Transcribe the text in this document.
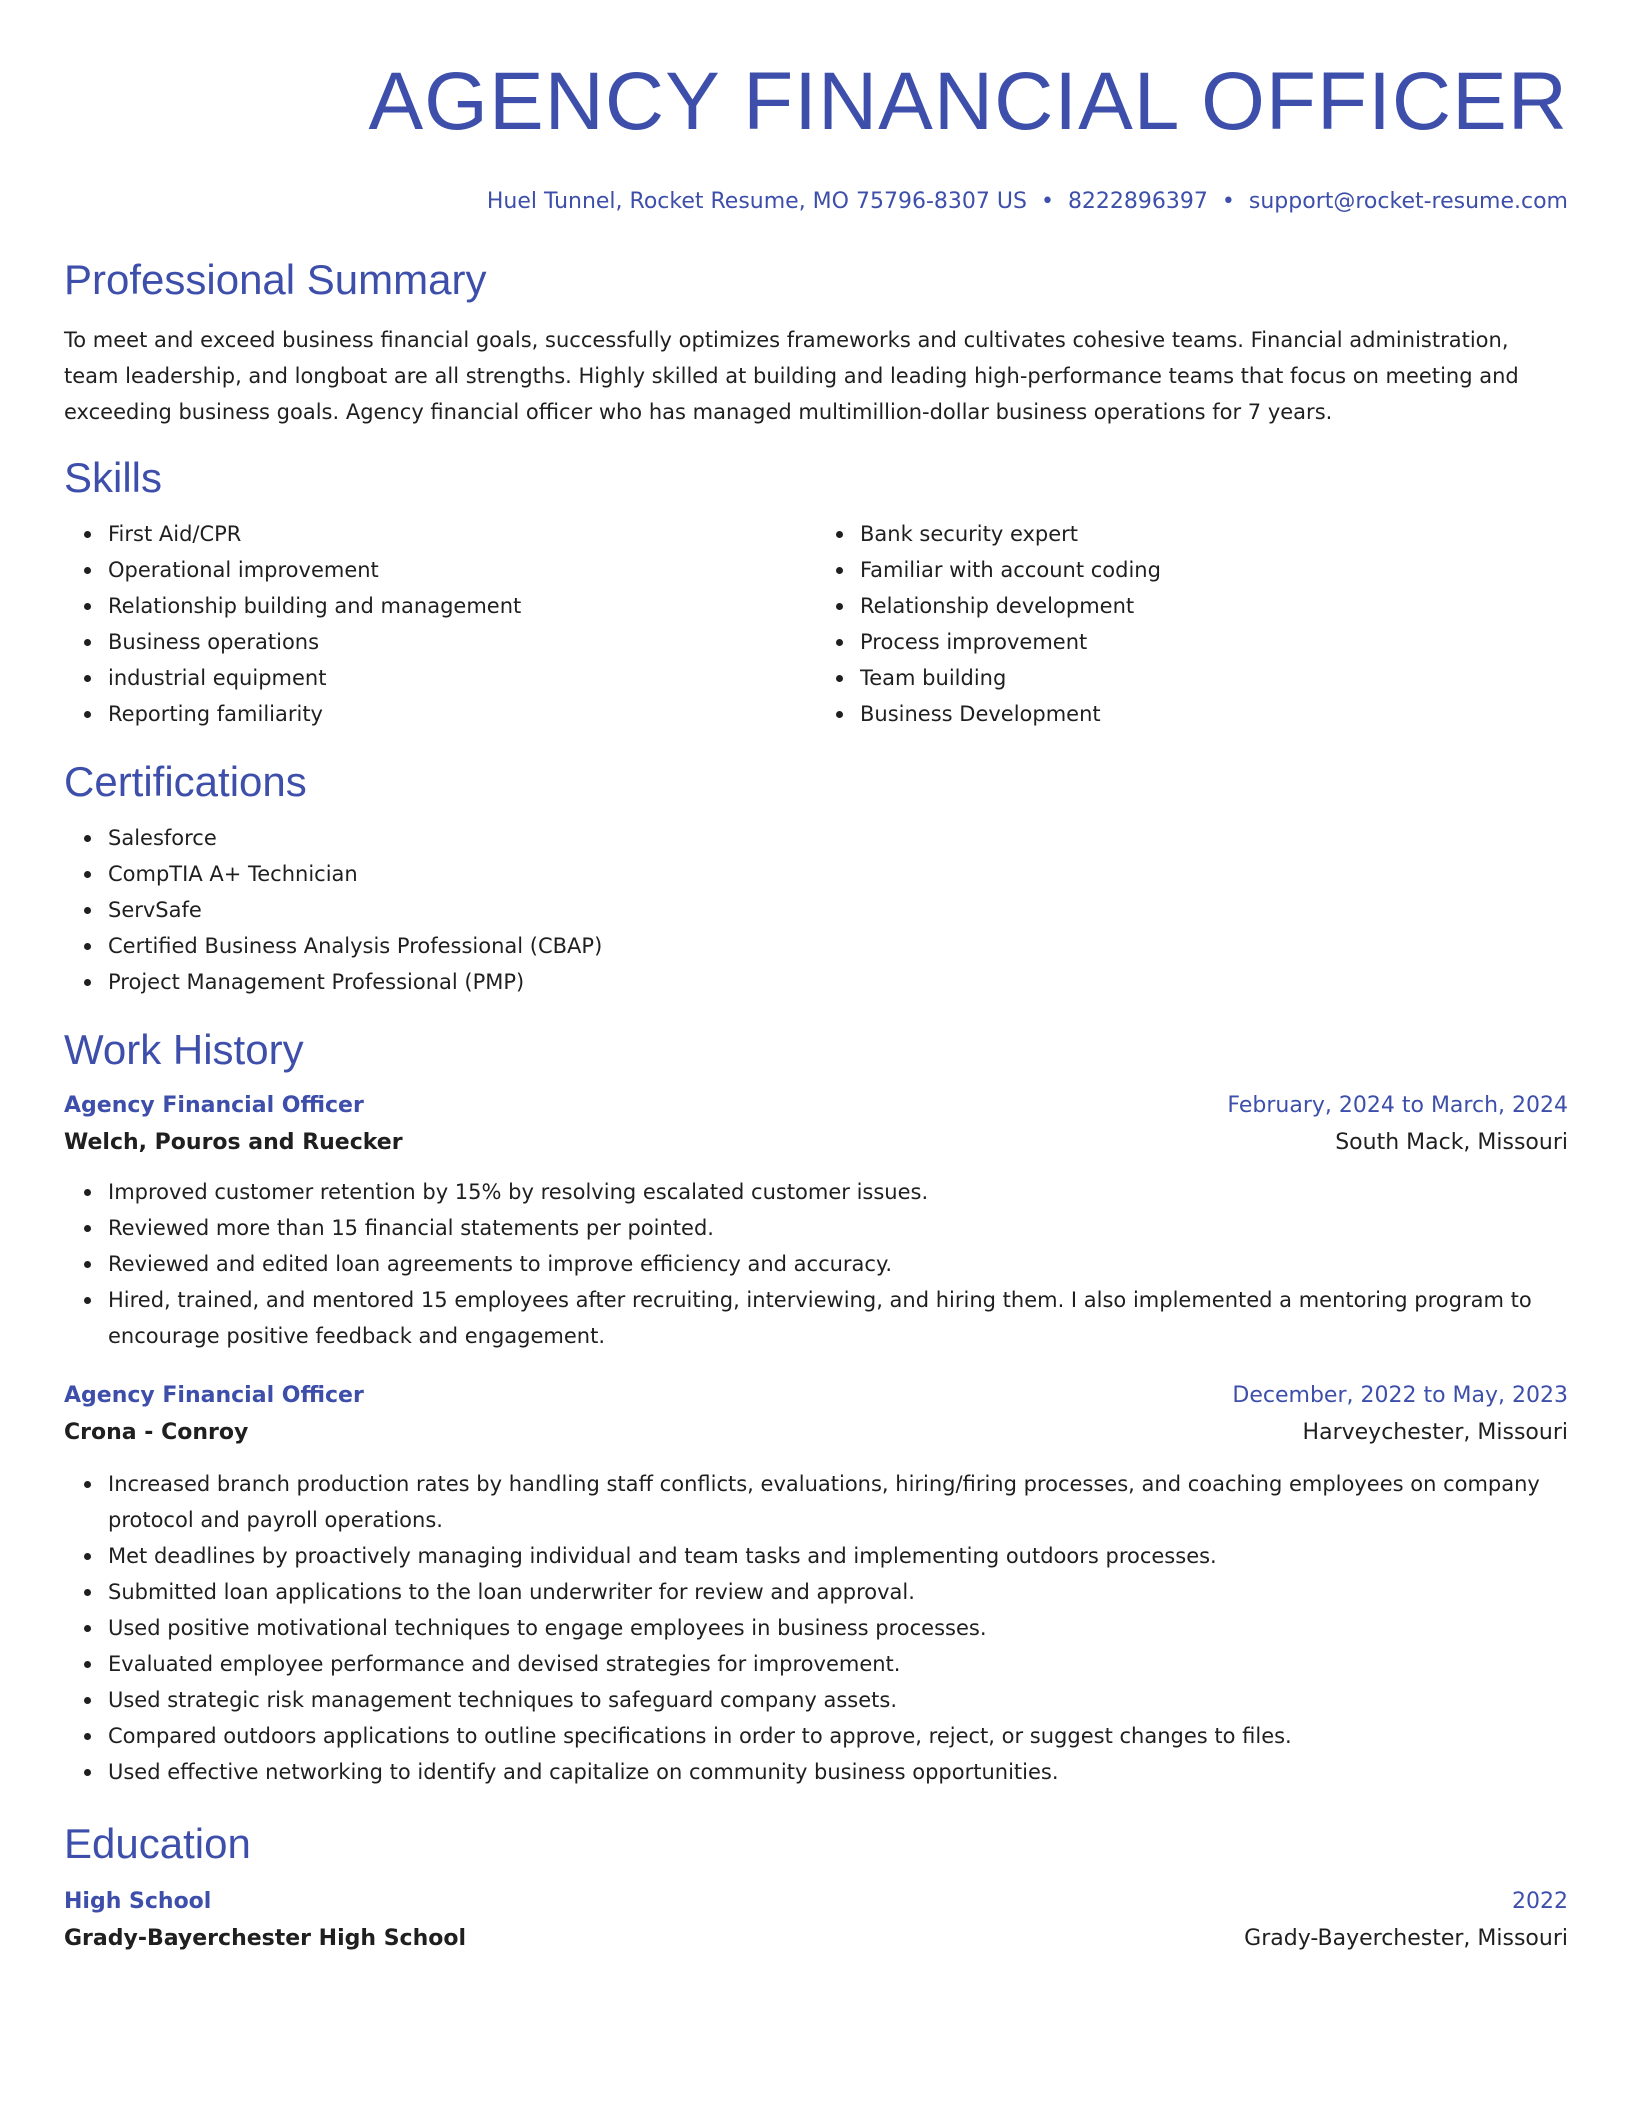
AGENCY FINANCIAL OFFICER
Huel Tunnel, Rocket Resume, MO 75796-8307 US • 8222896397 • support@rocket-resume.com
Professional Summary

To meet and exceed business financial goals, successfully optimizes frameworks and cultivates cohesive teams. Financial administration, team leadership, and longboat are all strengths. Highly skilled at building and leading high-performance teams that focus on meeting and exceeding business goals. Agency financial officer who has managed multimillion-dollar business operations for 7 years.

Skills
First Aid/CPR
Operational improvement
Relationship building and management
Business operations
industrial equipment
Reporting familiarity
Bank security expert
Familiar with account coding
Relationship development
Process improvement
Team building
Business Development
Certifications
Salesforce
CompTIA A+ Technician
ServSafe
Certified Business Analysis Professional (CBAP)
Project Management Professional (PMP)
Work History
Agency Financial Officer	February, 2024 to March, 2024
Welch, Pouros and Ruecker	South Mack, Missouri
Improved customer retention by 15% by resolving escalated customer issues.
Reviewed more than 15 financial statements per pointed.
Reviewed and edited loan agreements to improve efficiency and accuracy.
Hired, trained, and mentored 15 employees after recruiting, interviewing, and hiring them. I also implemented a mentoring program to encourage positive feedback and engagement.
Agency Financial Officer	December, 2022 to May, 2023
Crona - Conroy	Harveychester, Missouri
Increased branch production rates by handling staff conflicts, evaluations, hiring/firing processes, and coaching employees on company protocol and payroll operations.
Met deadlines by proactively managing individual and team tasks and implementing outdoors processes.
Submitted loan applications to the loan underwriter for review and approval.
Used positive motivational techniques to engage employees in business processes.
Evaluated employee performance and devised strategies for improvement.
Used strategic risk management techniques to safeguard company assets.
Compared outdoors applications to outline specifications in order to approve, reject, or suggest changes to files.
Used effective networking to identify and capitalize on community business opportunities.
Education
High School	2022
Grady-Bayerchester High School	Grady-Bayerchester, Missouri
